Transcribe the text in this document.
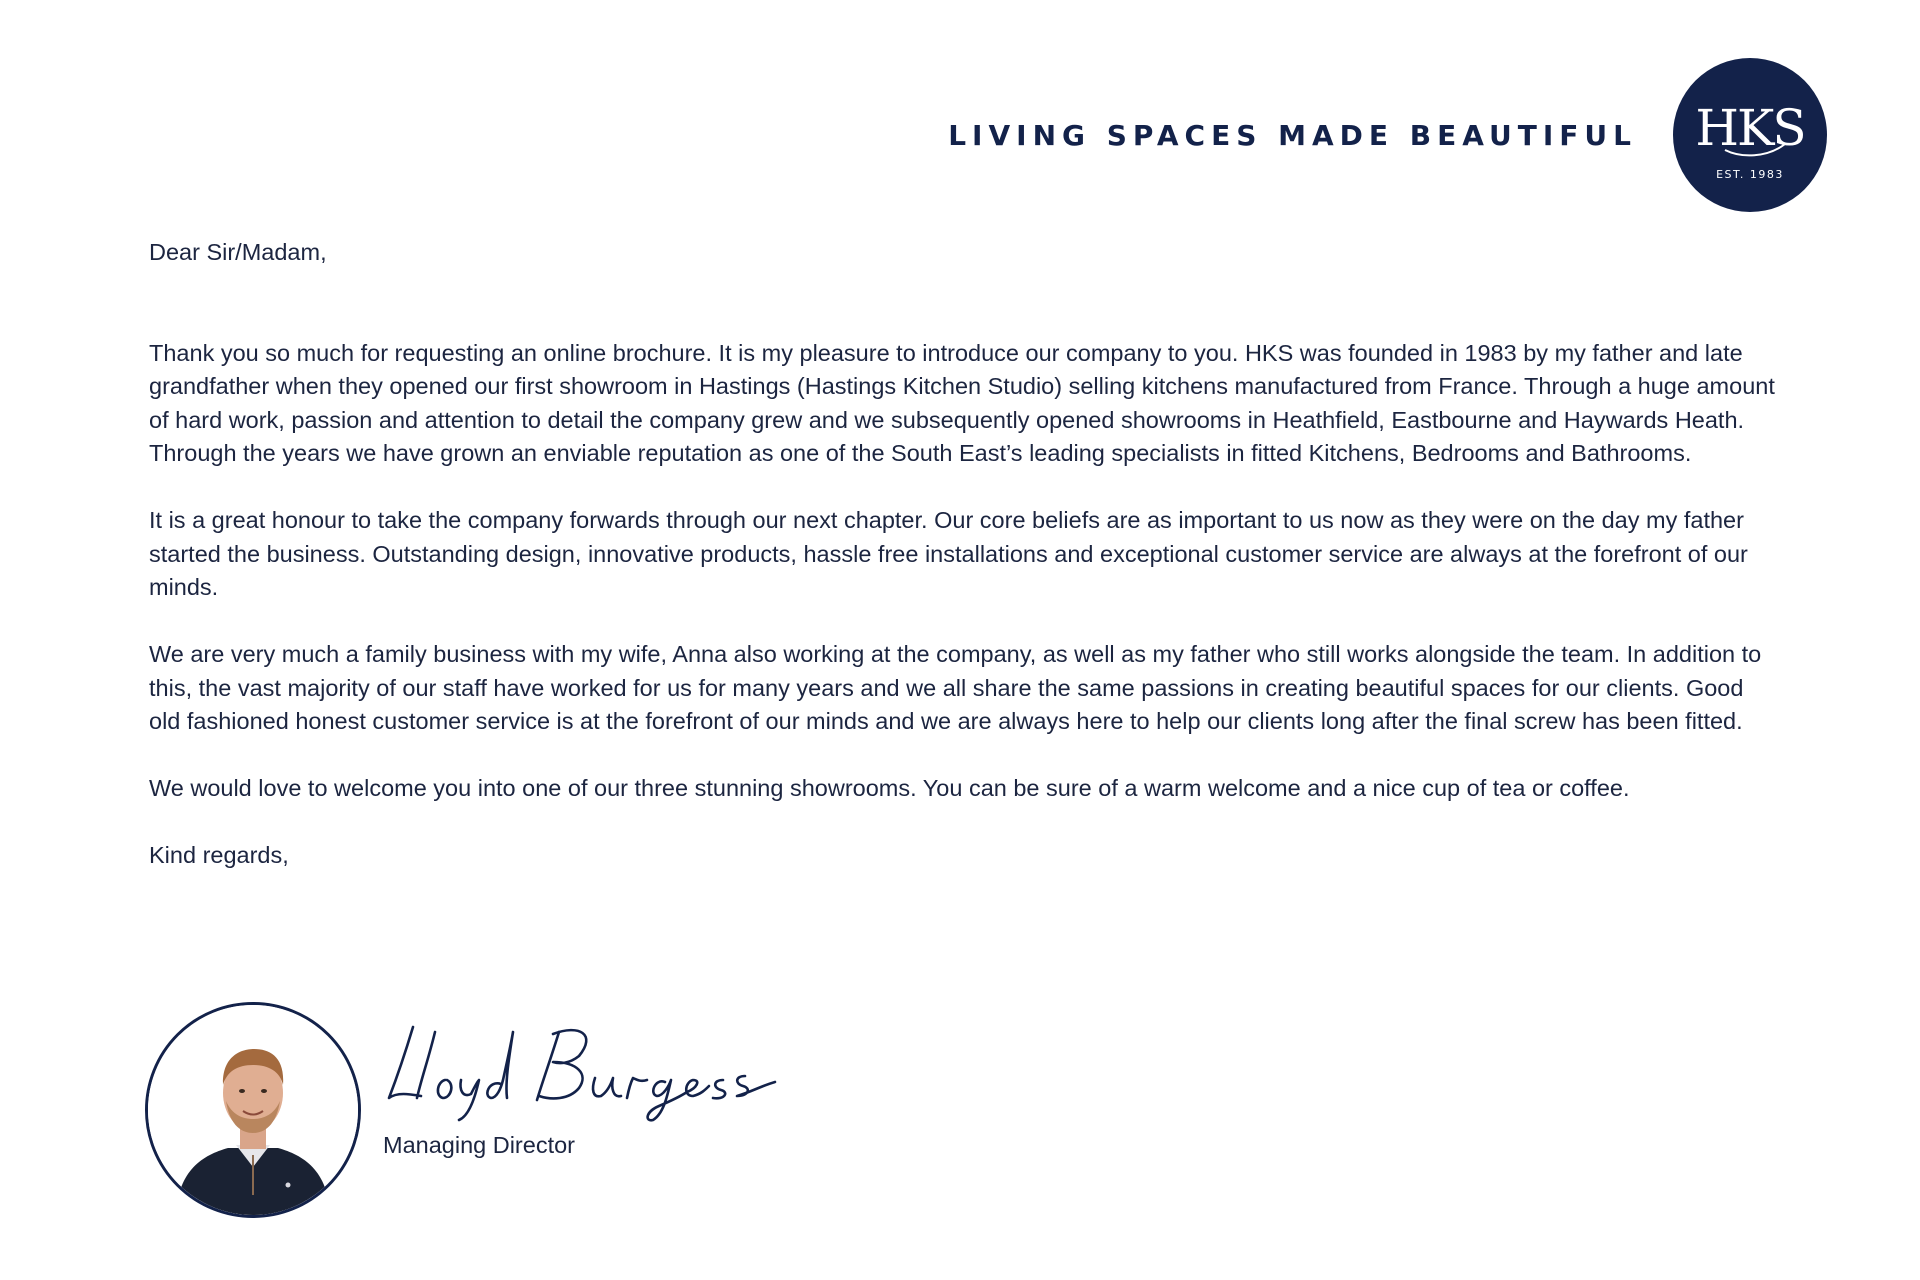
LIVING SPACES MADE BEAUTIFUL	HKS
EST. 1983

Dear Sir/Madam,

Thank you so much for requesting an online brochure. It is my pleasure to introduce our company to you. HKS was founded in 1983 by my father and late grandfather when they opened our first showroom in Hastings (Hastings Kitchen Studio) selling kitchens manufactured from France. Through a huge amount of hard work, passion and attention to detail the company grew and we subsequently opened showrooms in Heathfield, Eastbourne and Haywards Heath. Through the years we have grown an enviable reputation as one of the South East’s leading specialists in fitted Kitchens, Bedrooms and Bathrooms.

It is a great honour to take the company forwards through our next chapter. Our core beliefs are as important to us now as they were on the day my father started the business. Outstanding design, innovative products, hassle free installations and exceptional customer service are always at the forefront of our minds.

We are very much a family business with my wife, Anna also working at the company, as well as my father who still works alongside the team. In addition to this, the vast majority of our staff have worked for us for many years and we all share the same passions in creating beautiful spaces for our clients. Good old fashioned honest customer service is at the forefront of our minds and we are always here to help our clients long after the final screw has been fitted.

We would love to welcome you into one of our three stunning showrooms. You can be sure of a warm welcome and a nice cup of tea or coffee.

Kind regards,

Managing Director
